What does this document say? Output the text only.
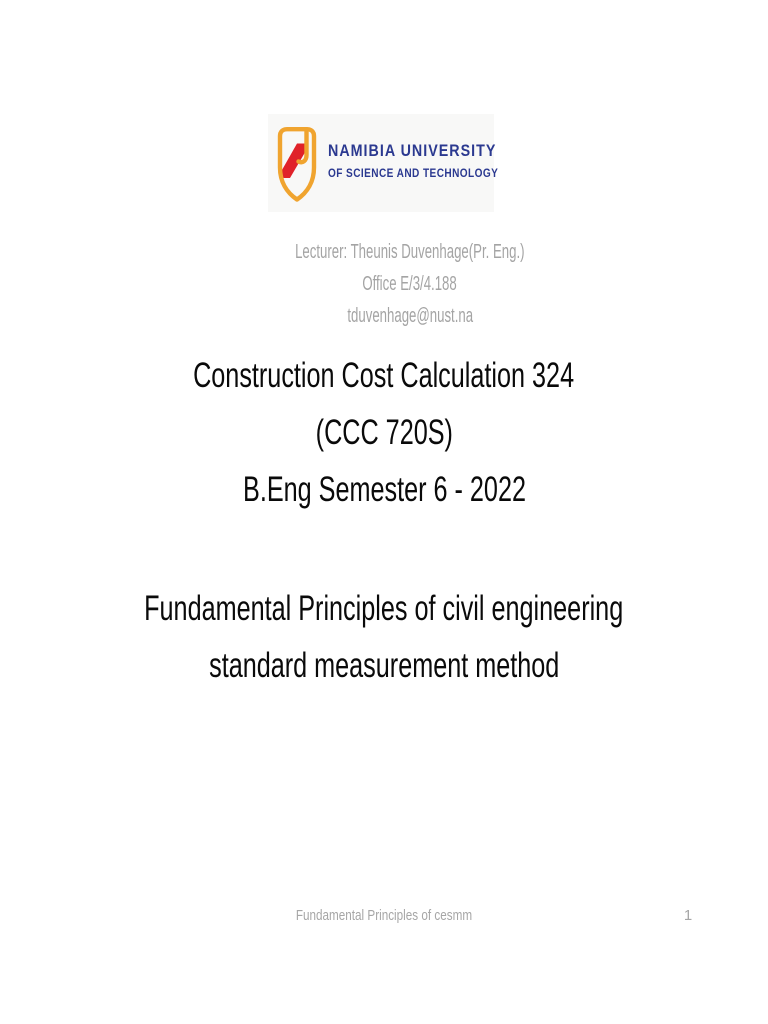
NAMIBIA UNIVERSITY
OF SCIENCE AND TECHNOLOGY
Lecturer: Theunis Duvenhage(Pr. Eng.)
Office E/3/4.188
tduvenhage@nust.na
Construction Cost Calculation 324
(CCC 720S)
B.Eng Semester 6 - 2022
Fundamental Principles of civil engineering
standard measurement method
Fundamental Principles of cesmm	1
